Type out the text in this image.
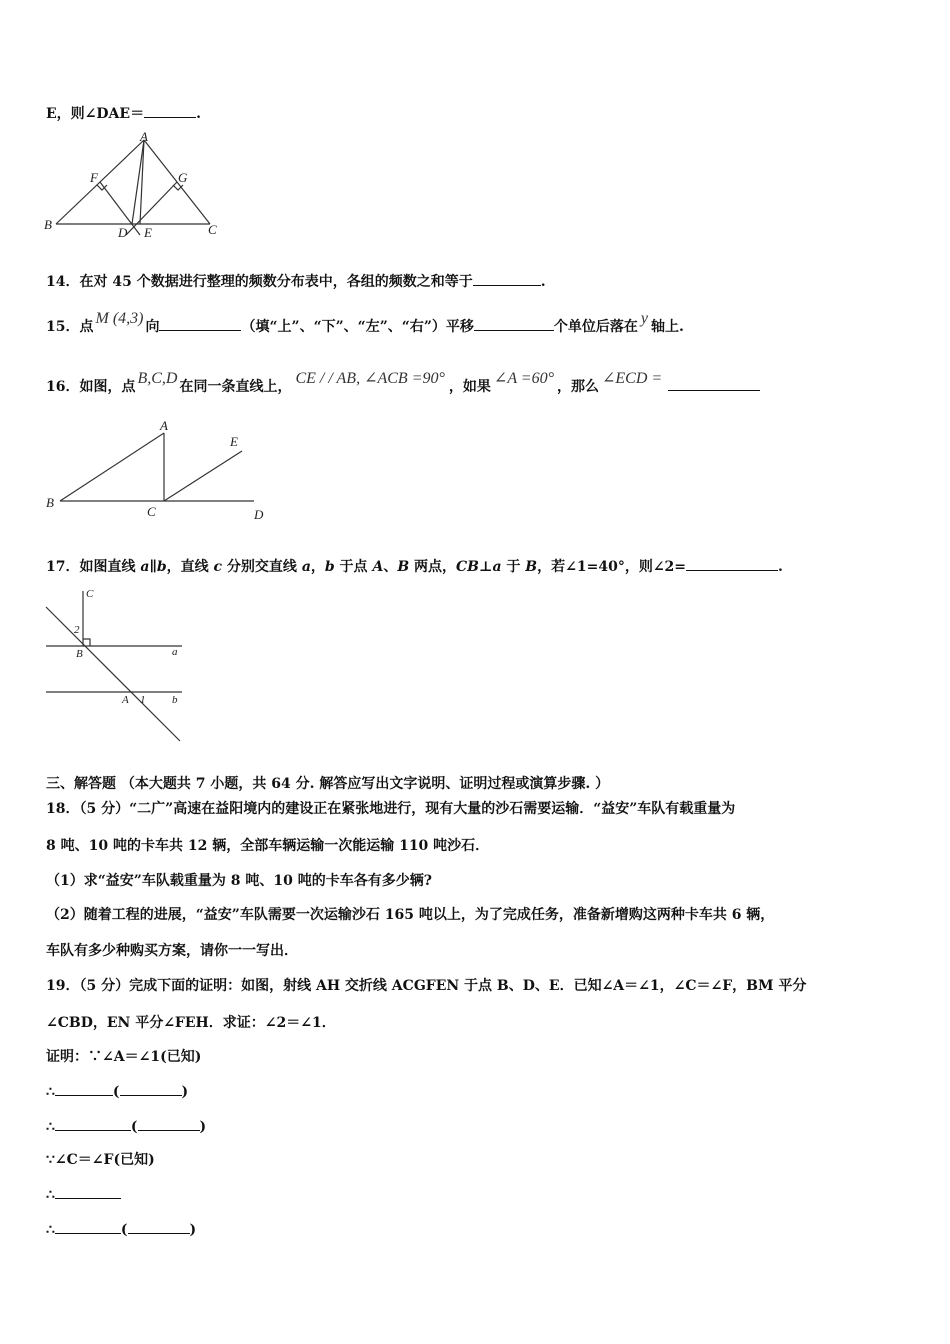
E，则∠DAE＝	.
A
F	G
B
D E	C
14．在对 45 个数据进行整理的频数分布表中，各组的频数之和等于	.
15．点 M (4,3) 向	（填“上”、“下”、“左”、“右”）平移	个单位后落在 y 轴上.
16．如图，点 B,C,D 在同一条直线上， CE / / AB, ∠ACB =90° ，如果 ∠A =60° ，那么 ∠ECD =
A
E
B
C	D
17．如图直线 a∥b，直线 c 分别交直线 a，b 于点 A、B 两点，CB⊥a 于 B，若∠1=40°，则∠2=	.
C
2
B	a
A 1 b
三、解答题 （本大题共 7 小题，共 64 分. 解答应写出文字说明、证明过程或演算步骤. ）
18．（5 分）“二广”高速在益阳境内的建设正在紧张地进行，现有大量的沙石需要运输．“益安”车队有载重量为
8 吨、10 吨的卡车共 12 辆，全部车辆运输一次能运输 110 吨沙石．
（1）求“益安”车队载重量为 8 吨、10 吨的卡车各有多少辆?
（2）随着工程的进展，“益安”车队需要一次运输沙石 165 吨以上，为了完成任务，准备新增购这两种卡车共 6 辆，
车队有多少种购买方案，请你一一写出．
19．（5 分）完成下面的证明：如图，射线 AH 交折线 ACGFEN 于点 B、D、E．已知∠A＝∠1，∠C＝∠F，BM 平分
∠CBD，EN 平分∠FEH．求证：∠2＝∠1．
证明：∵∠A＝∠1(已知)
∴	(	)
∴	(	)
∵∠C＝∠F(已知)
∴
∴	(	)
